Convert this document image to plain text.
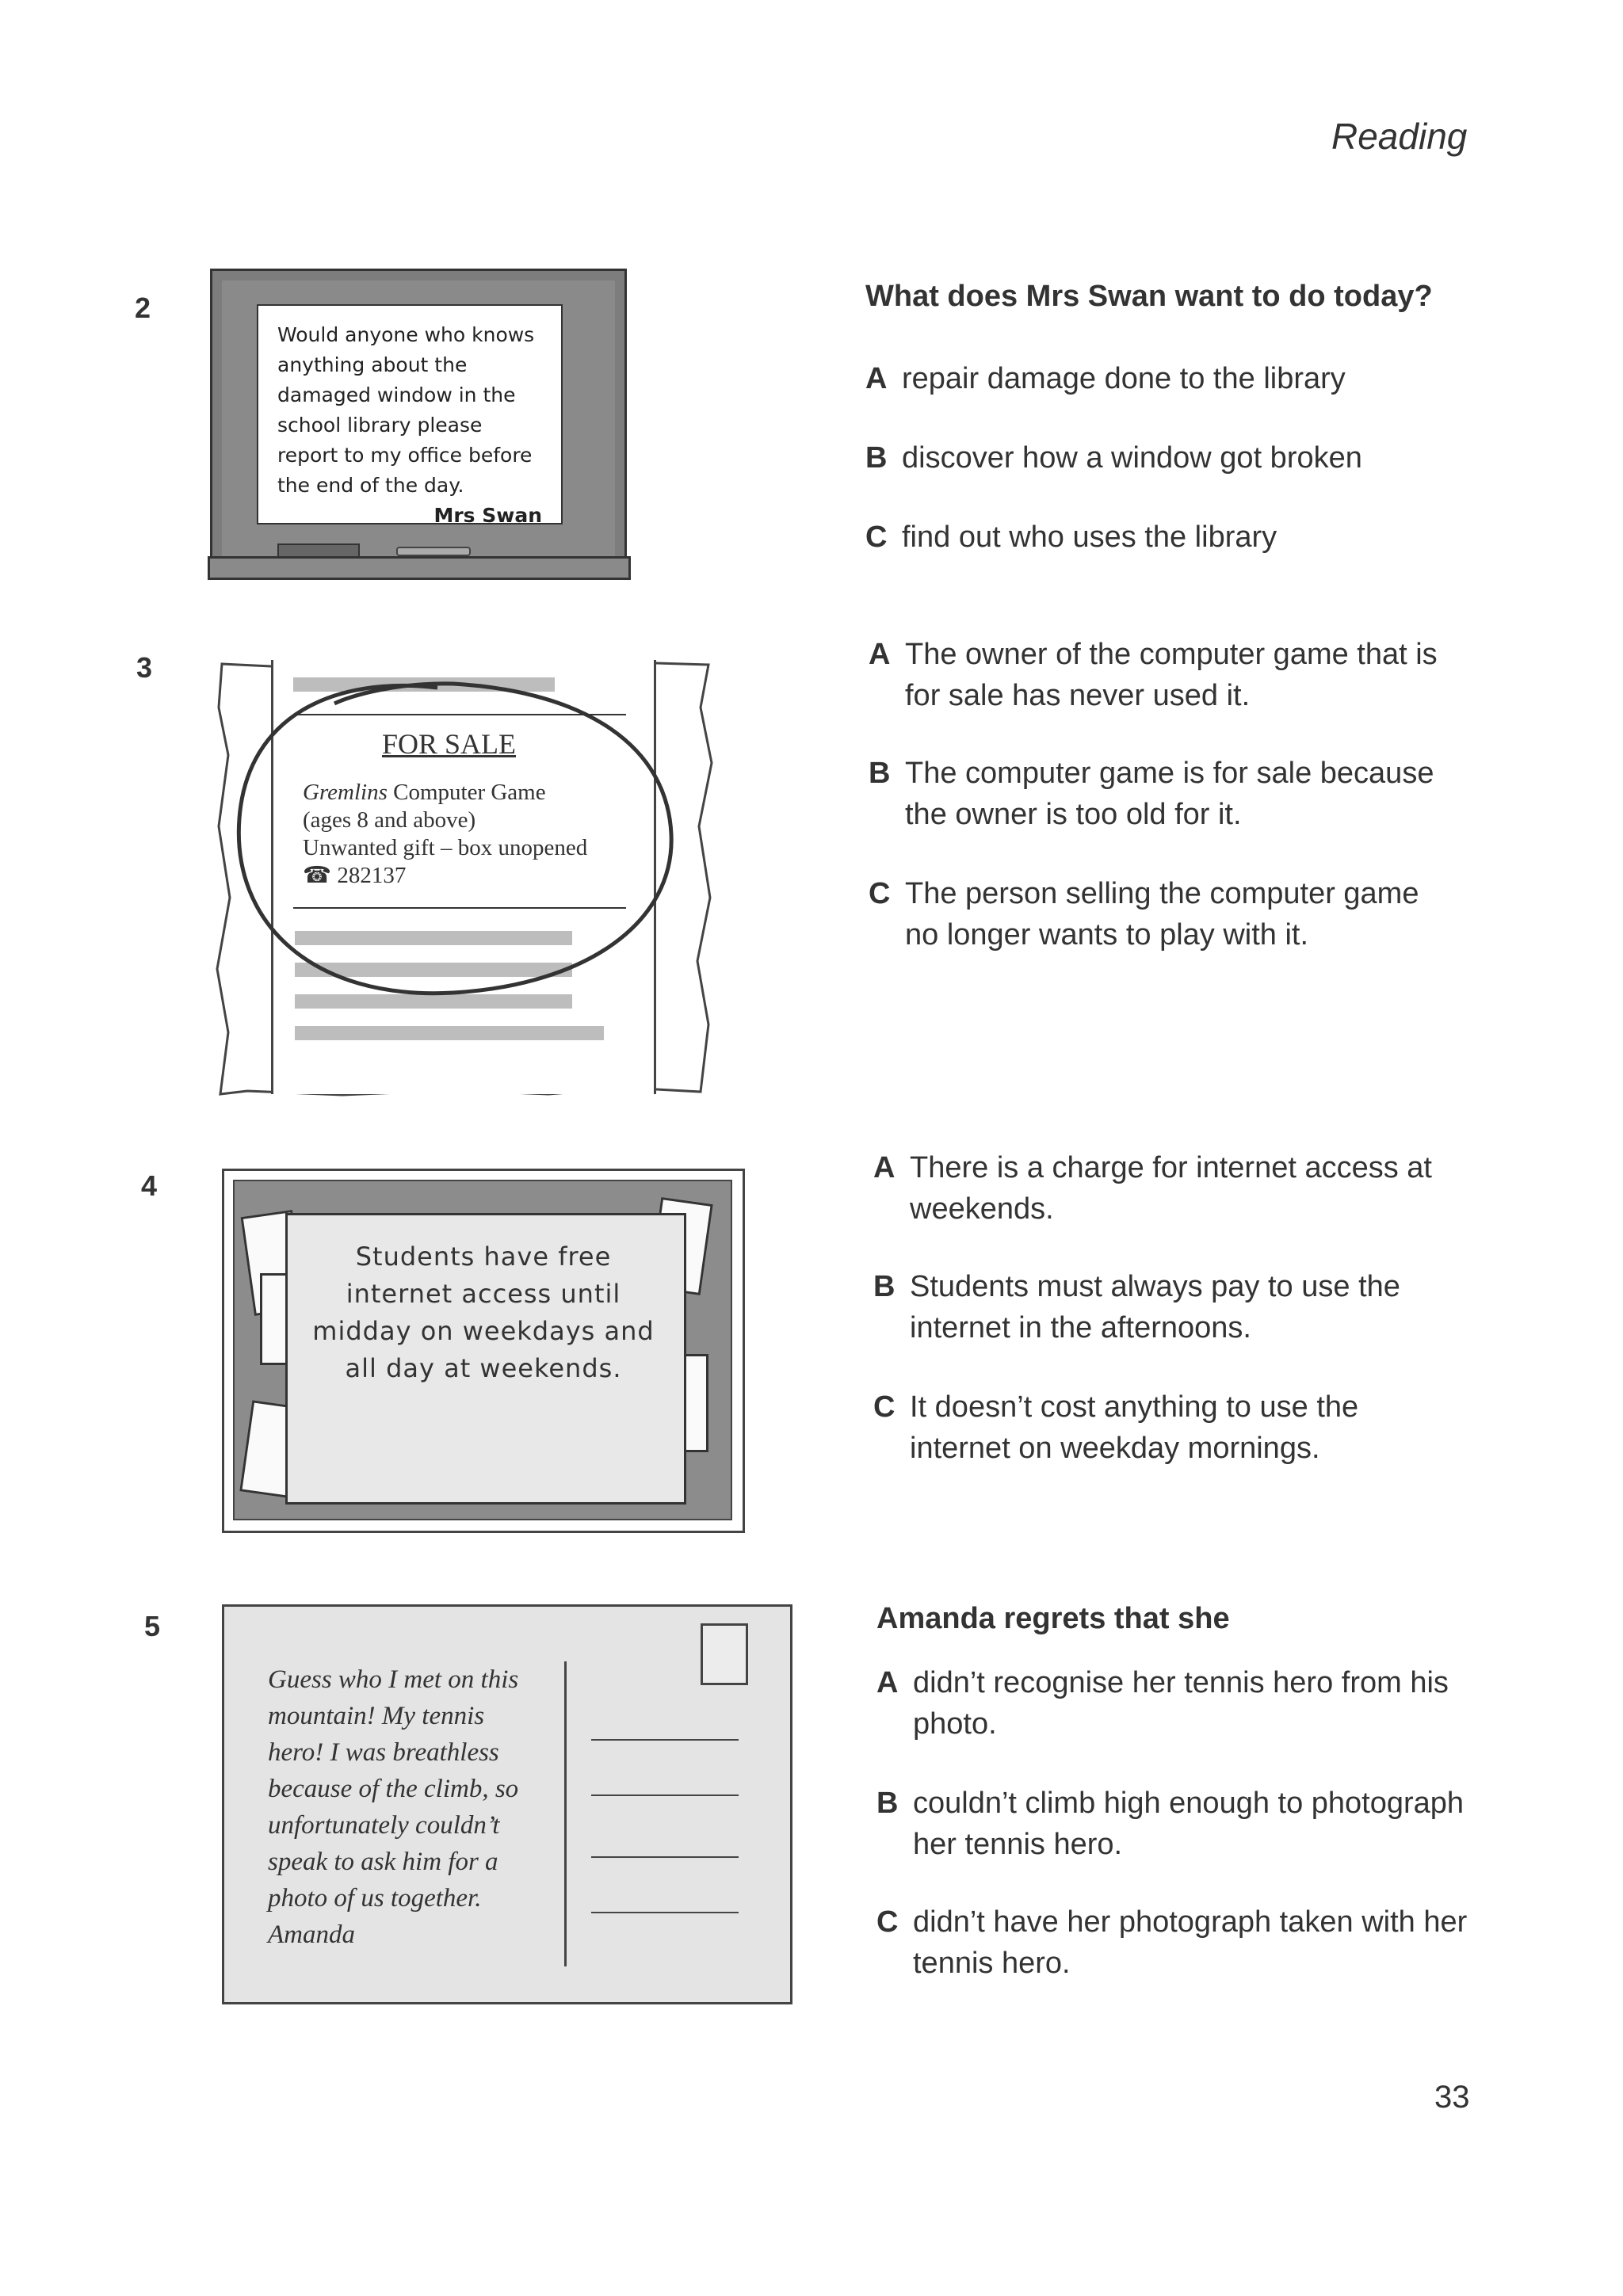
Reading
2
Would anyone who knows
anything about the
damaged window in the
school library please
report to my office before
the end of the day.
Mrs Swan
What does Mrs Swan want to do today?
A repair damage done to the library
B discover how a window got broken
C find out who uses the library
3
FOR SALE
Gremlins Computer Game
(ages 8 and above)
Unwanted gift – box unopened
☎ 282137
A The owner of the computer game that is for sale has never used it.
B The computer game is for sale because the owner is too old for it.
C The person selling the computer game no longer wants to play with it.
4
Students have free
internet access until
midday on weekdays and
all day at weekends.
A There is a charge for internet access at weekends.
B Students must always pay to use the internet in the afternoons.
C It doesn’t cost anything to use the internet on weekday mornings.
5
Guess who I met on this
mountain! My tennis
hero! I was breathless
because of the climb, so
unfortunately couldn’t
speak to ask him for a
photo of us together.
Amanda
Amanda regrets that she
A didn’t recognise her tennis hero from his photo.
B couldn’t climb high enough to photograph her tennis hero.
C didn’t have her photograph taken with her tennis hero.
33
